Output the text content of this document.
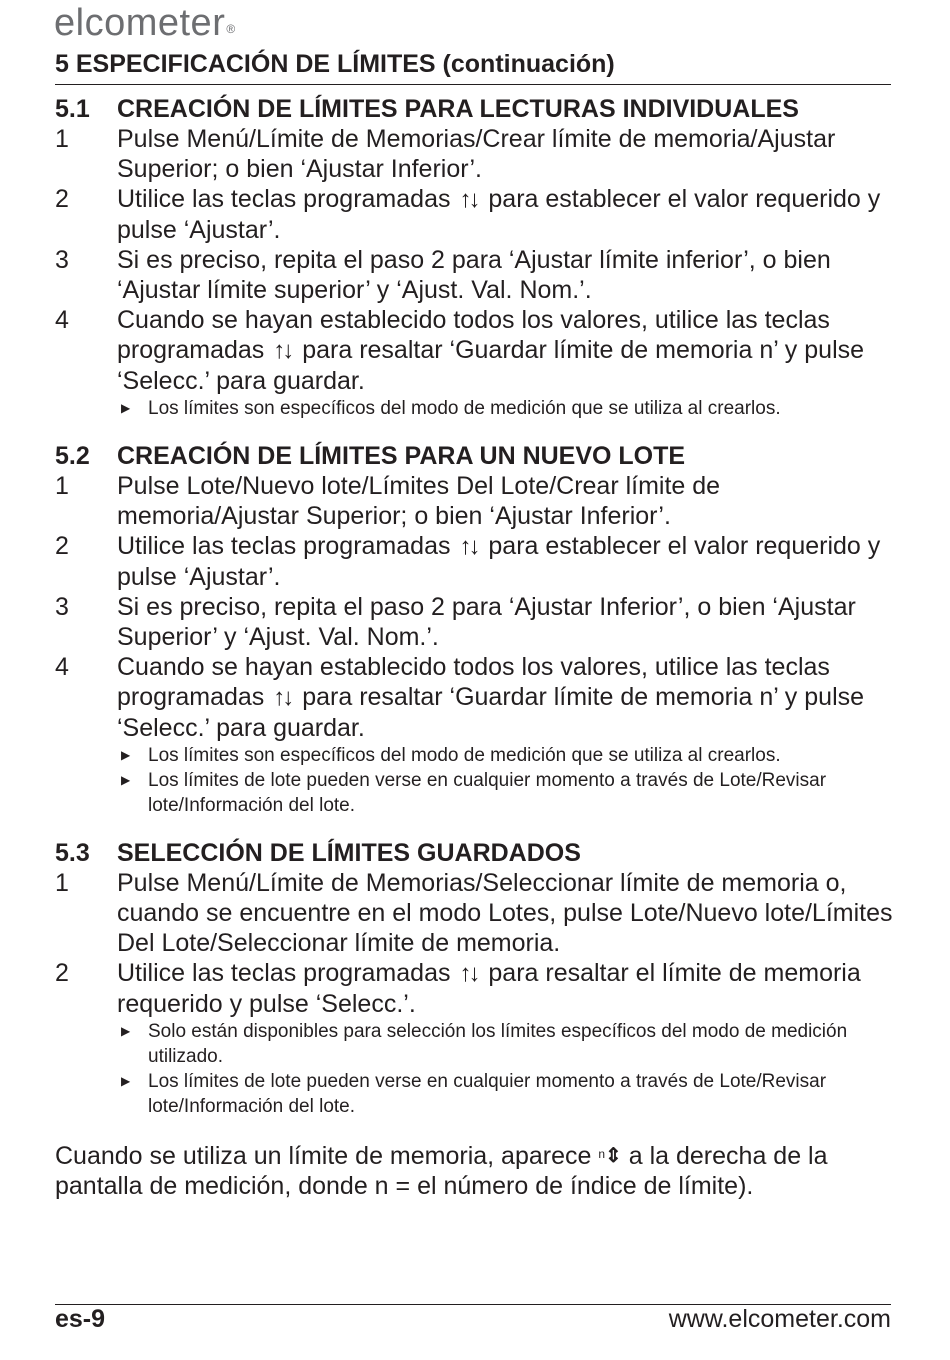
elcometer®
5 ESPECIFICACIÓN DE LÍMITES (continuación)
5.1	CREACIÓN DE LÍMITES PARA LECTURAS INDIVIDUALES
1	Pulse Menú/Límite de Memorias/Crear límite de memoria/Ajustar Superior; o bien ‘Ajustar Inferior’.
2	Utilice las teclas programadas ↑↓ para establecer el valor requerido y pulse ‘Ajustar’.
3	Si es preciso, repita el paso 2 para ‘Ajustar límite inferior’, o bien ‘Ajustar límite superior’ y ‘Ajust. Val. Nom.’.
4	Cuando se hayan establecido todos los valores, utilice las teclas programadas ↑↓ para resaltar ‘Guardar límite de memoria n’ y pulse ‘Selecc.’ para guardar.
▶ Los límites son específicos del modo de medición que se utiliza al crearlos.
5.2	CREACIÓN DE LÍMITES PARA UN NUEVO LOTE
1	Pulse Lote/Nuevo lote/Límites Del Lote/Crear límite de memoria/Ajustar Superior; o bien ‘Ajustar Inferior’.
2	Utilice las teclas programadas ↑↓ para establecer el valor requerido y pulse ‘Ajustar’.
3	Si es preciso, repita el paso 2 para ‘Ajustar Inferior’, o bien ‘Ajustar Superior’ y ‘Ajust. Val. Nom.’.
4	Cuando se hayan establecido todos los valores, utilice las teclas programadas ↑↓ para resaltar ‘Guardar límite de memoria n’ y pulse ‘Selecc.’ para guardar.
▶ Los límites son específicos del modo de medición que se utiliza al crearlos.
▶ Los límites de lote pueden verse en cualquier momento a través de Lote/Revisar lote/Información del lote.
5.3	SELECCIÓN DE LÍMITES GUARDADOS
1	Pulse Menú/Límite de Memorias/Seleccionar límite de memoria o, cuando se encuentre en el modo Lotes, pulse Lote/Nuevo lote/Límites Del Lote/Seleccionar límite de memoria.
2	Utilice las teclas programadas ↑↓ para resaltar el límite de memoria requerido y pulse ‘Selecc.’.
▶ Solo están disponibles para selección los límites específicos del modo de medición utilizado.
▶ Los límites de lote pueden verse en cualquier momento a través de Lote/Revisar lote/Información del lote.
Cuando se utiliza un límite de memoria, aparece n⇕ a la derecha de la pantalla de medición, donde n = el número de índice de límite).
es-9	www.elcometer.com
